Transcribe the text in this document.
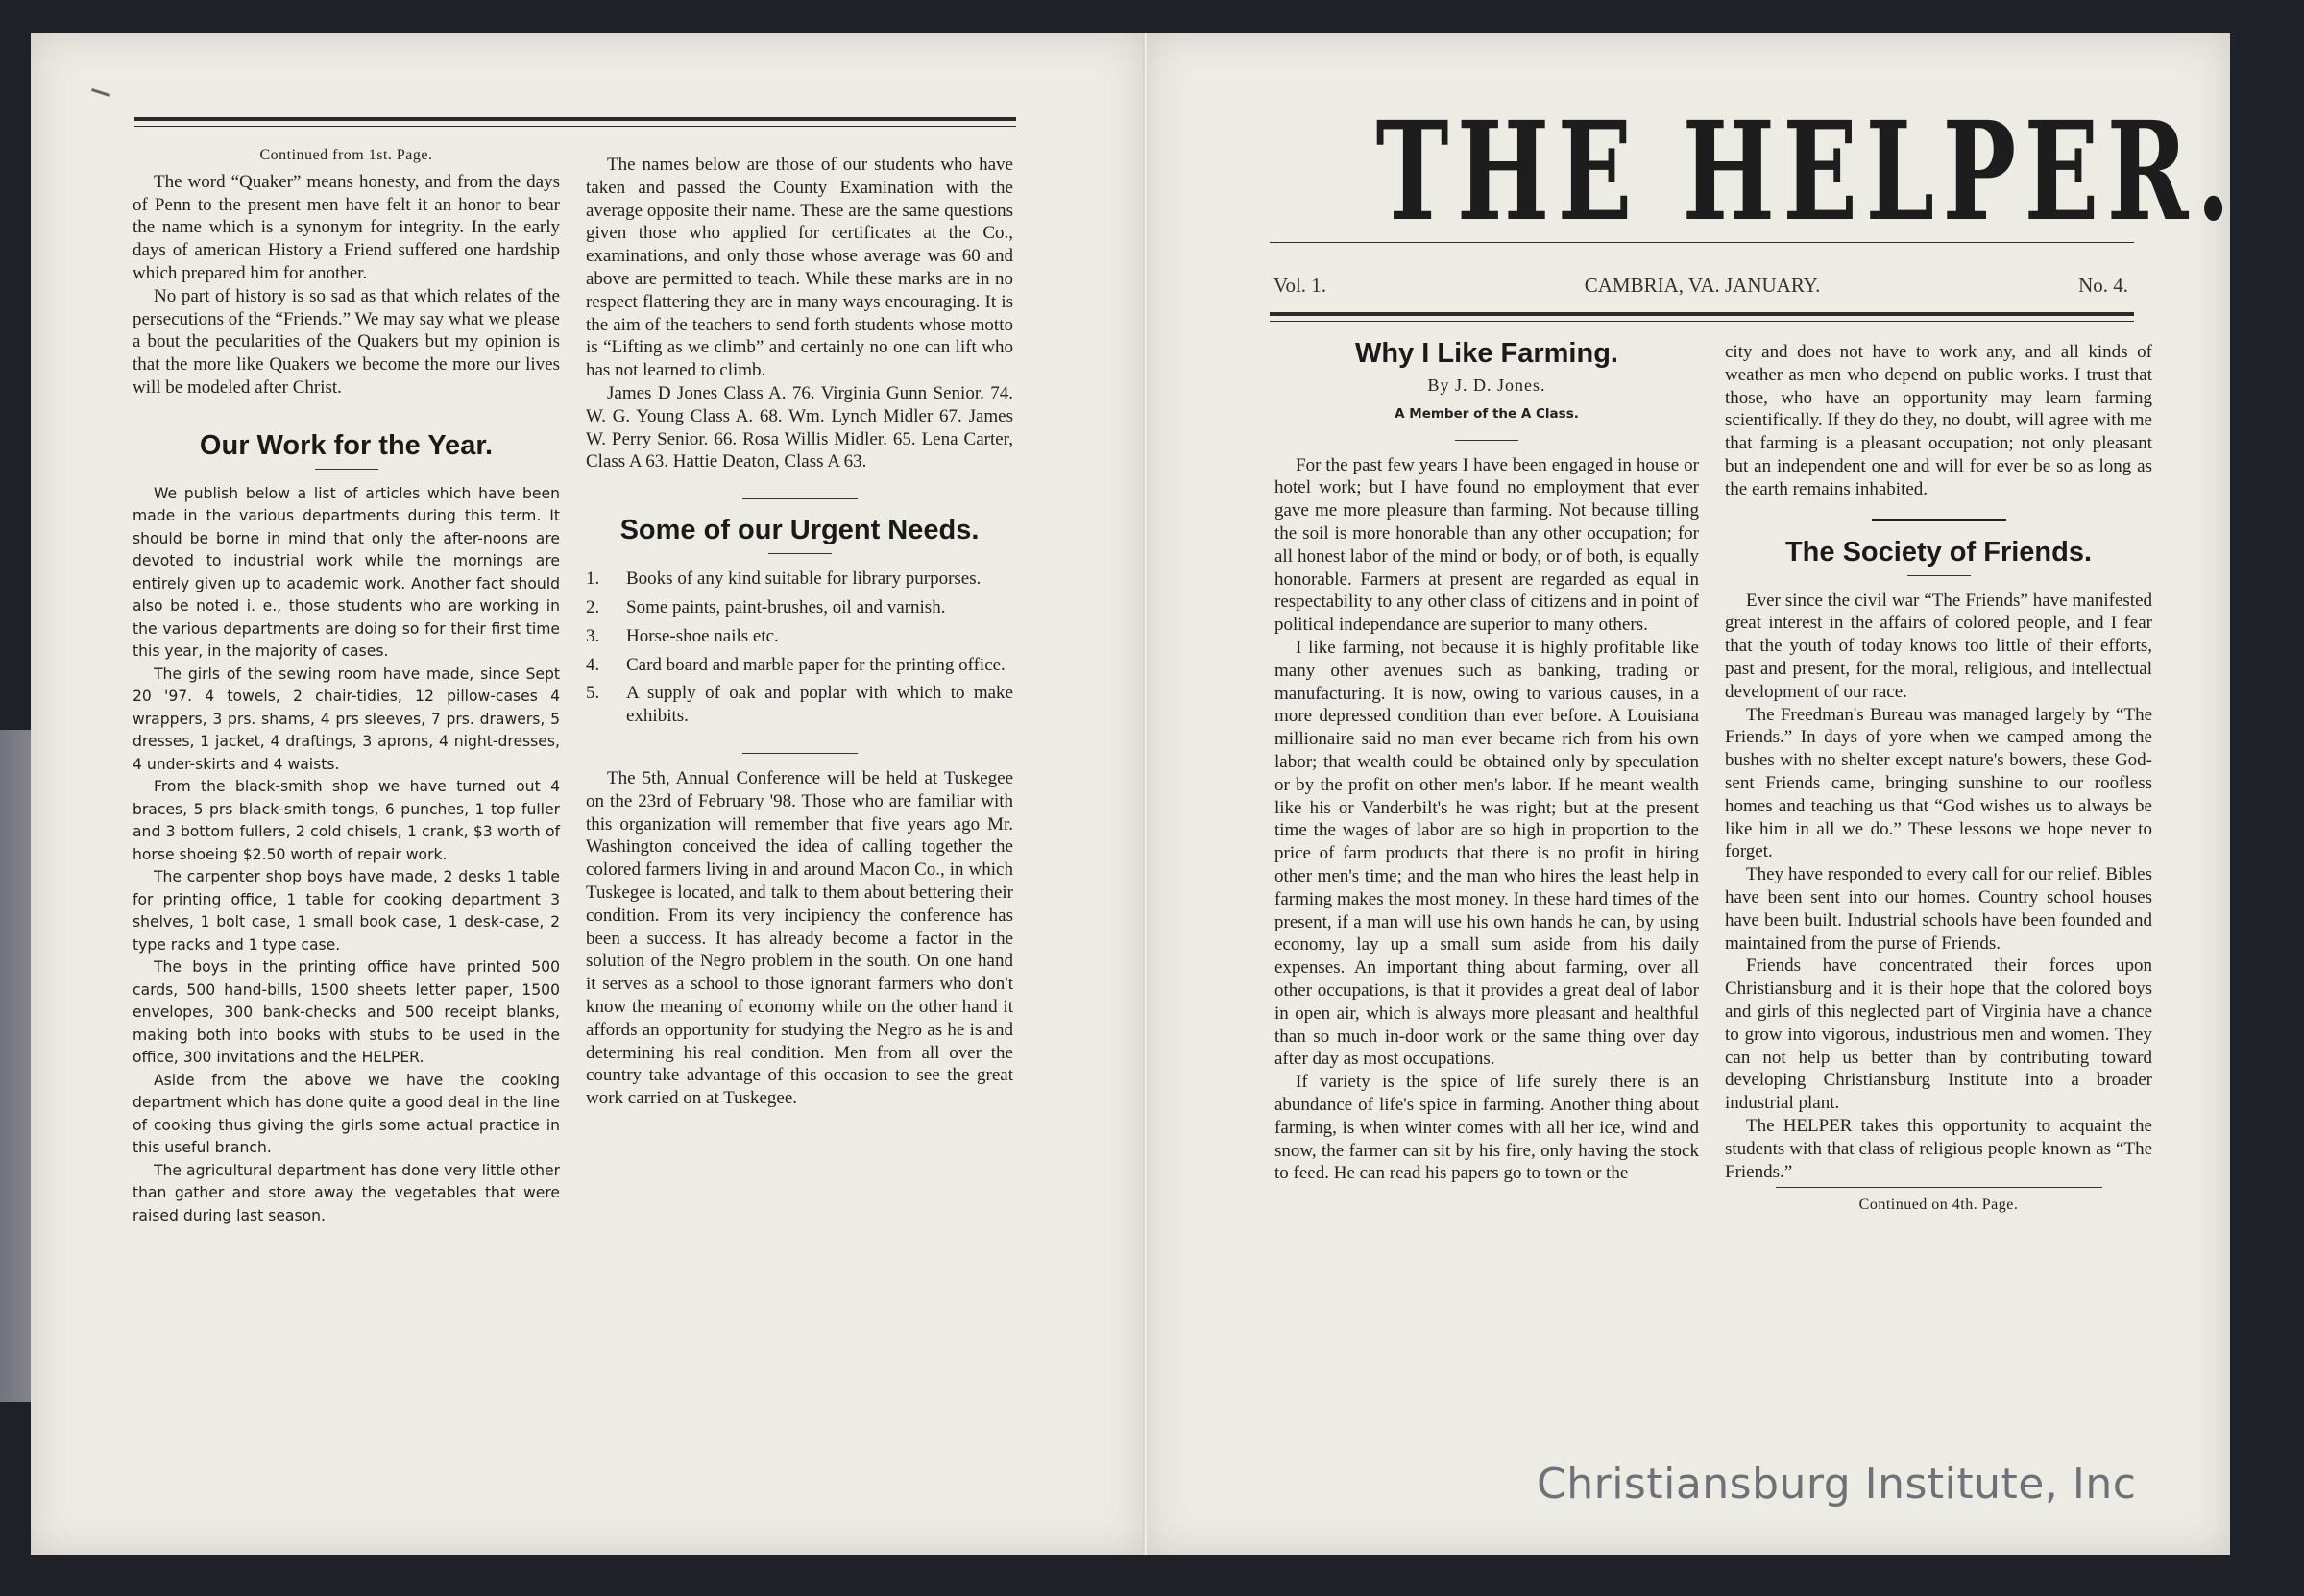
Continued from 1st. Page.

The word “Quaker” means honesty, and from the days of Penn to the present men have felt it an honor to bear the name which is a synonym for integrity. In the early days of american History a Friend suffered one hardship which prepared him for another.

No part of history is so sad as that which relates of the persecutions of the “Friends.” We may say what we please a bout the pecularities of the Quakers but my opinion is that the more like Quakers we become the more our lives will be modeled after Christ.

Our Work for the Year.

We publish below a list of articles which have been made in the various departments during this term. It should be borne in mind that only the after-noons are devoted to industrial work while the mornings are entirely given up to academic work. Another fact should also be noted i. e., those students who are working in the various departments are doing so for their first time this year, in the majority of cases.

The girls of the sewing room have made, since Sept 20 '97. 4 towels, 2 chair-tidies, 12 pillow-cases 4 wrappers, 3 prs. shams, 4 prs sleeves, 7 prs. drawers, 5 dresses, 1 jacket, 4 draftings, 3 aprons, 4 night-dresses, 4 under-skirts and 4 waists.

From the black-smith shop we have turned out 4 braces, 5 prs black-smith tongs, 6 punches, 1 top fuller and 3 bottom fullers, 2 cold chisels, 1 crank, $3 worth of horse shoeing $2.50 worth of repair work.

The carpenter shop boys have made, 2 desks 1 table for printing office, 1 table for cooking department 3 shelves, 1 bolt case, 1 small book case, 1 desk-case, 2 type racks and 1 type case.

The boys in the printing office have printed 500 cards, 500 hand-bills, 1500 sheets letter paper, 1500 envelopes, 300 bank-checks and 500 receipt blanks, making both into books with stubs to be used in the office, 300 invitations and the HELPER.

Aside from the above we have the cooking department which has done quite a good deal in the line of cooking thus giving the girls some actual practice in this useful branch.

The agricultural department has done very little other than gather and store away the vegetables that were raised during last season.

The names below are those of our students who have taken and passed the County Examination with the average opposite their name. These are the same questions given those who applied for certificates at the Co., examinations, and only those whose average was 60 and above are permitted to teach. While these marks are in no respect flattering they are in many ways encouraging. It is the aim of the teachers to send forth students whose motto is “Lifting as we climb” and certainly no one can lift who has not learned to climb.

James D Jones Class A. 76. Virginia Gunn Senior. 74. W. G. Young Class A. 68. Wm. Lynch Midler 67. James W. Perry Senior. 66. Rosa Willis Midler. 65. Lena Carter, Class A 63. Hattie Deaton, Class A 63.

Some of our Urgent Needs.
1.	Books of any kind suitable for library purporses.
2.	Some paints, paint-brushes, oil and varnish.
3.	Horse-shoe nails etc.
4.	Card board and marble paper for the printing office.
5.	A supply of oak and poplar with which to make exhibits.

The 5th, Annual Conference will be held at Tuskegee on the 23rd of February '98. Those who are familiar with this organization will remember that five years ago Mr. Washington conceived the idea of calling together the colored farmers living in and around Macon Co., in which Tuskegee is located, and talk to them about bettering their condition. From its very incipiency the conference has been a success. It has already become a factor in the solution of the Negro problem in the south. On one hand it serves as a school to those ignorant farmers who don't know the meaning of economy while on the other hand it affords an opportunity for studying the Negro as he is and determining his real condition. Men from all over the country take advantage of this occasion to see the great work carried on at Tuskegee.

THE HELPER.
Vol. 1.	CAMBRIA, VA. JANUARY.	No. 4.
Why I Like Farming.
By J. D. Jones.
A Member of the A Class.

For the past few years I have been engaged in house or hotel work; but I have found no employment that ever gave me more pleasure than farming. Not because tilling the soil is more honorable than any other occupation; for all honest labor of the mind or body, or of both, is equally honorable. Farmers at present are regarded as equal in respectability to any other class of citizens and in point of political independance are superior to many others.

I like farming, not because it is highly profitable like many other avenues such as banking, trading or manufacturing. It is now, owing to various causes, in a more depressed condition than ever before. A Louisiana millionaire said no man ever became rich from his own labor; that wealth could be obtained only by speculation or by the profit on other men's labor. If he meant wealth like his or Vanderbilt's he was right; but at the present time the wages of labor are so high in proportion to the price of farm products that there is no profit in hiring other men's time; and the man who hires the least help in farming makes the most money. In these hard times of the present, if a man will use his own hands he can, by using economy, lay up a small sum aside from his daily expenses. An important thing about farming, over all other occupations, is that it provides a great deal of labor in open air, which is always more pleasant and healthful than so much in-door work or the same thing over day after day as most occupations.

If variety is the spice of life surely there is an abundance of life's spice in farming. Another thing about farming, is when winter comes with all her ice, wind and snow, the farmer can sit by his fire, only having the stock to feed. He can read his papers go to town or the

city and does not have to work any, and all kinds of weather as men who depend on public works. I trust that those, who have an opportunity may learn farming scientifically. If they do they, no doubt, will agree with me that farming is a pleasant occupation; not only pleasant but an independent one and will for ever be so as long as the earth remains inhabited.

The Society of Friends.

Ever since the civil war “The Friends” have manifested great interest in the affairs of colored people, and I fear that the youth of today knows too little of their efforts, past and present, for the moral, religious, and intellectual development of our race.

The Freedman's Bureau was managed largely by “The Friends.” In days of yore when we camped among the bushes with no shelter except nature's bowers, these God-sent Friends came, bringing sunshine to our roofless homes and teaching us that “God wishes us to always be like him in all we do.” These lessons we hope never to forget.

They have responded to every call for our relief. Bibles have been sent into our homes. Country school houses have been built. Industrial schools have been founded and maintained from the purse of Friends.

Friends have concentrated their forces upon Christiansburg and it is their hope that the colored boys and girls of this neglected part of Virginia have a chance to grow into vigorous, industrious men and women. They can not help us better than by contributing toward developing Christiansburg Institute into a broader industrial plant.

The HELPER takes this opportunity to acquaint the students with that class of religious people known as “The Friends.”

Continued on 4th. Page.
Christiansburg Institute, Inc
